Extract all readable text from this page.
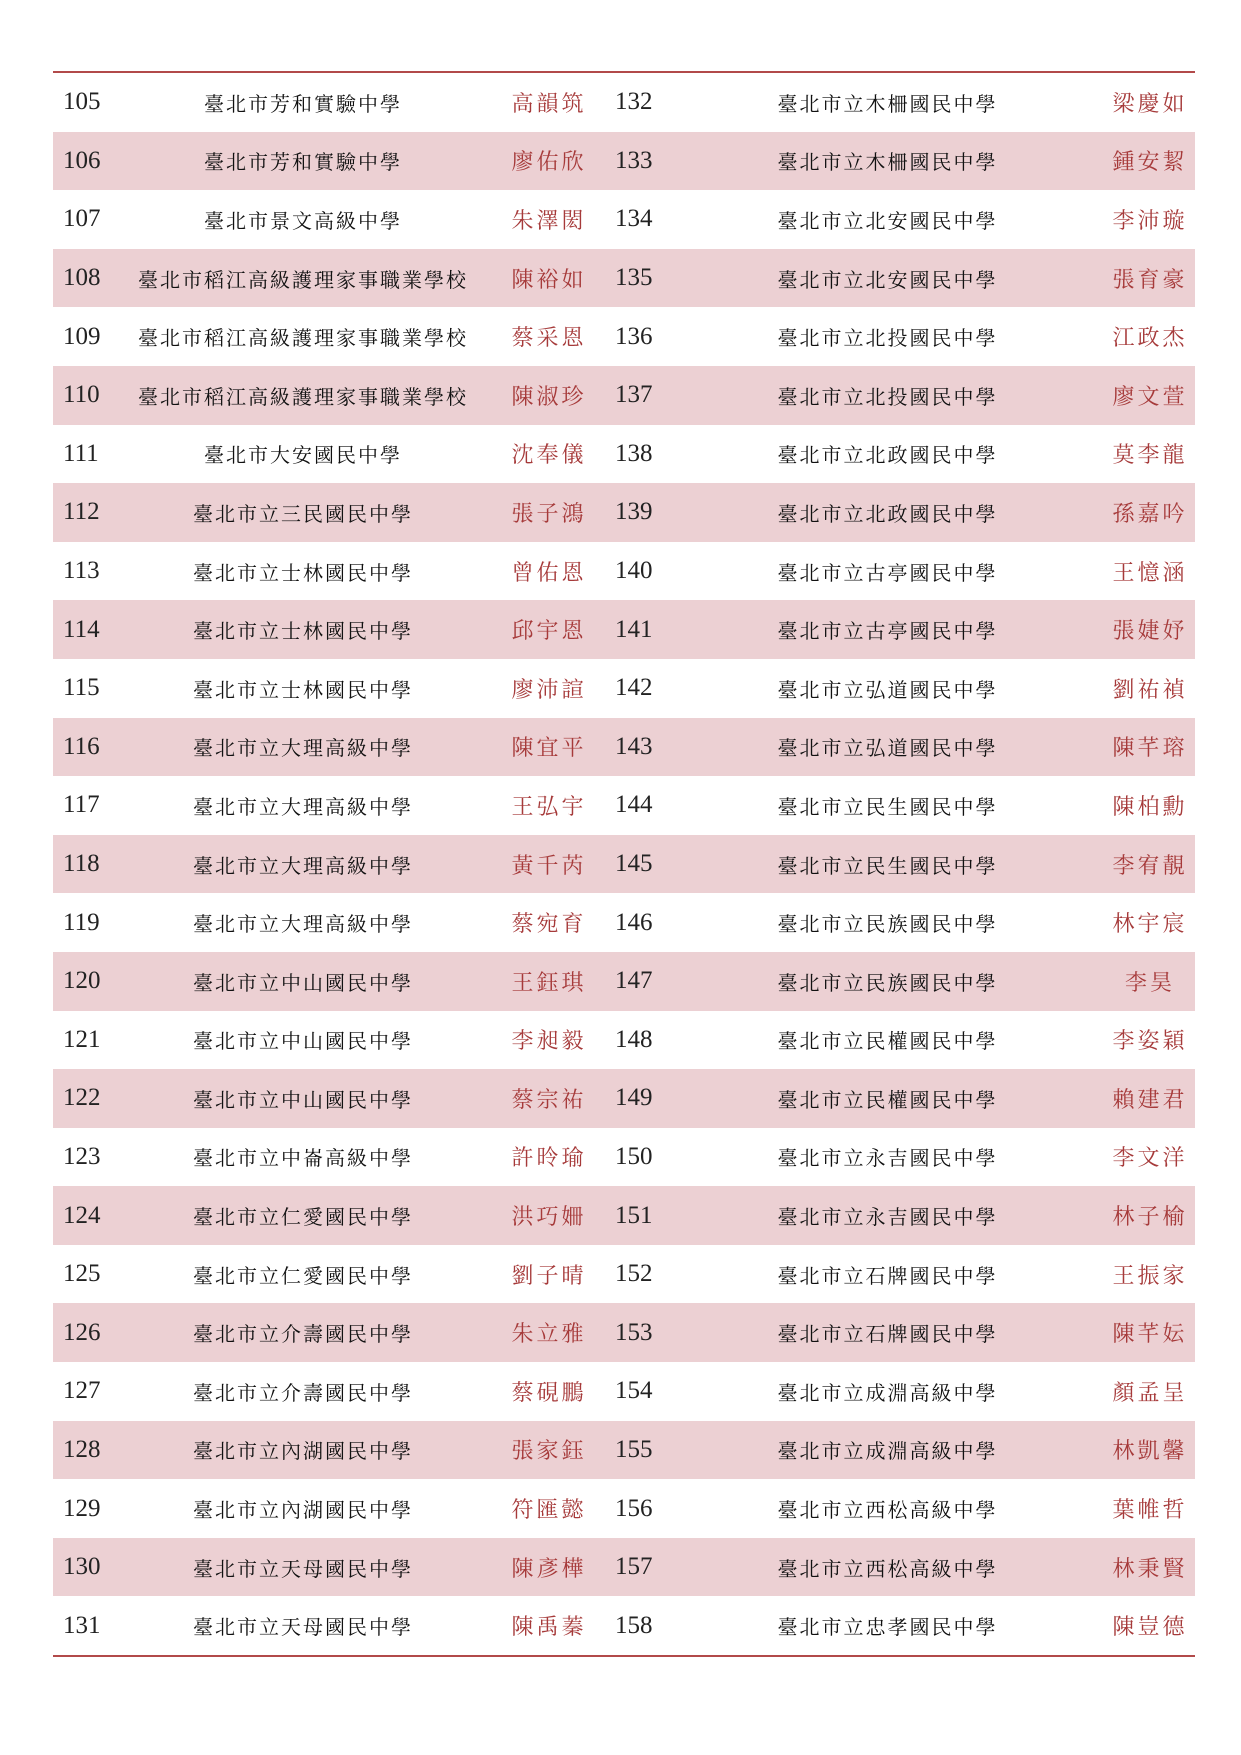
105	臺北市芳和實驗中學	高韻筑	132	臺北市立木柵國民中學	梁慶如
106	臺北市芳和實驗中學	廖佑欣	133	臺北市立木柵國民中學	鍾安絜
107	臺北市景文高級中學	朱澤閎	134	臺北市立北安國民中學	李沛璇
108	臺北市稻江高級護理家事職業學校	陳裕如	135	臺北市立北安國民中學	張育豪
109	臺北市稻江高級護理家事職業學校	蔡采恩	136	臺北市立北投國民中學	江政杰
110	臺北市稻江高級護理家事職業學校	陳淑珍	137	臺北市立北投國民中學	廖文萱
111	臺北市大安國民中學	沈奉儀	138	臺北市立北政國民中學	莫李龍
112	臺北市立三民國民中學	張子鴻	139	臺北市立北政國民中學	孫嘉吟
113	臺北市立士林國民中學	曾佑恩	140	臺北市立古亭國民中學	王憶涵
114	臺北市立士林國民中學	邱宇恩	141	臺北市立古亭國民中學	張婕妤
115	臺北市立士林國民中學	廖沛諠	142	臺北市立弘道國民中學	劉祐禎
116	臺北市立大理高級中學	陳宜平	143	臺北市立弘道國民中學	陳芊瑢
117	臺北市立大理高級中學	王弘宇	144	臺北市立民生國民中學	陳柏勳
118	臺北市立大理高級中學	黃千芮	145	臺北市立民生國民中學	李宥靚
119	臺北市立大理高級中學	蔡宛育	146	臺北市立民族國民中學	林宇宸
120	臺北市立中山國民中學	王鈺琪	147	臺北市立民族國民中學	李昊
121	臺北市立中山國民中學	李昶毅	148	臺北市立民權國民中學	李姿穎
122	臺北市立中山國民中學	蔡宗祐	149	臺北市立民權國民中學	賴建君
123	臺北市立中崙高級中學	許昤瑜	150	臺北市立永吉國民中學	李文洋
124	臺北市立仁愛國民中學	洪巧姍	151	臺北市立永吉國民中學	林子榆
125	臺北市立仁愛國民中學	劉子晴	152	臺北市立石牌國民中學	王振家
126	臺北市立介壽國民中學	朱立雅	153	臺北市立石牌國民中學	陳芊妘
127	臺北市立介壽國民中學	蔡硯鵬	154	臺北市立成淵高級中學	顏孟呈
128	臺北市立內湖國民中學	張家鈺	155	臺北市立成淵高級中學	林凱馨
129	臺北市立內湖國民中學	符匯懿	156	臺北市立西松高級中學	葉帷哲
130	臺北市立天母國民中學	陳彥樺	157	臺北市立西松高級中學	林秉賢
131	臺北市立天母國民中學	陳禹蓁	158	臺北市立忠孝國民中學	陳豈德
